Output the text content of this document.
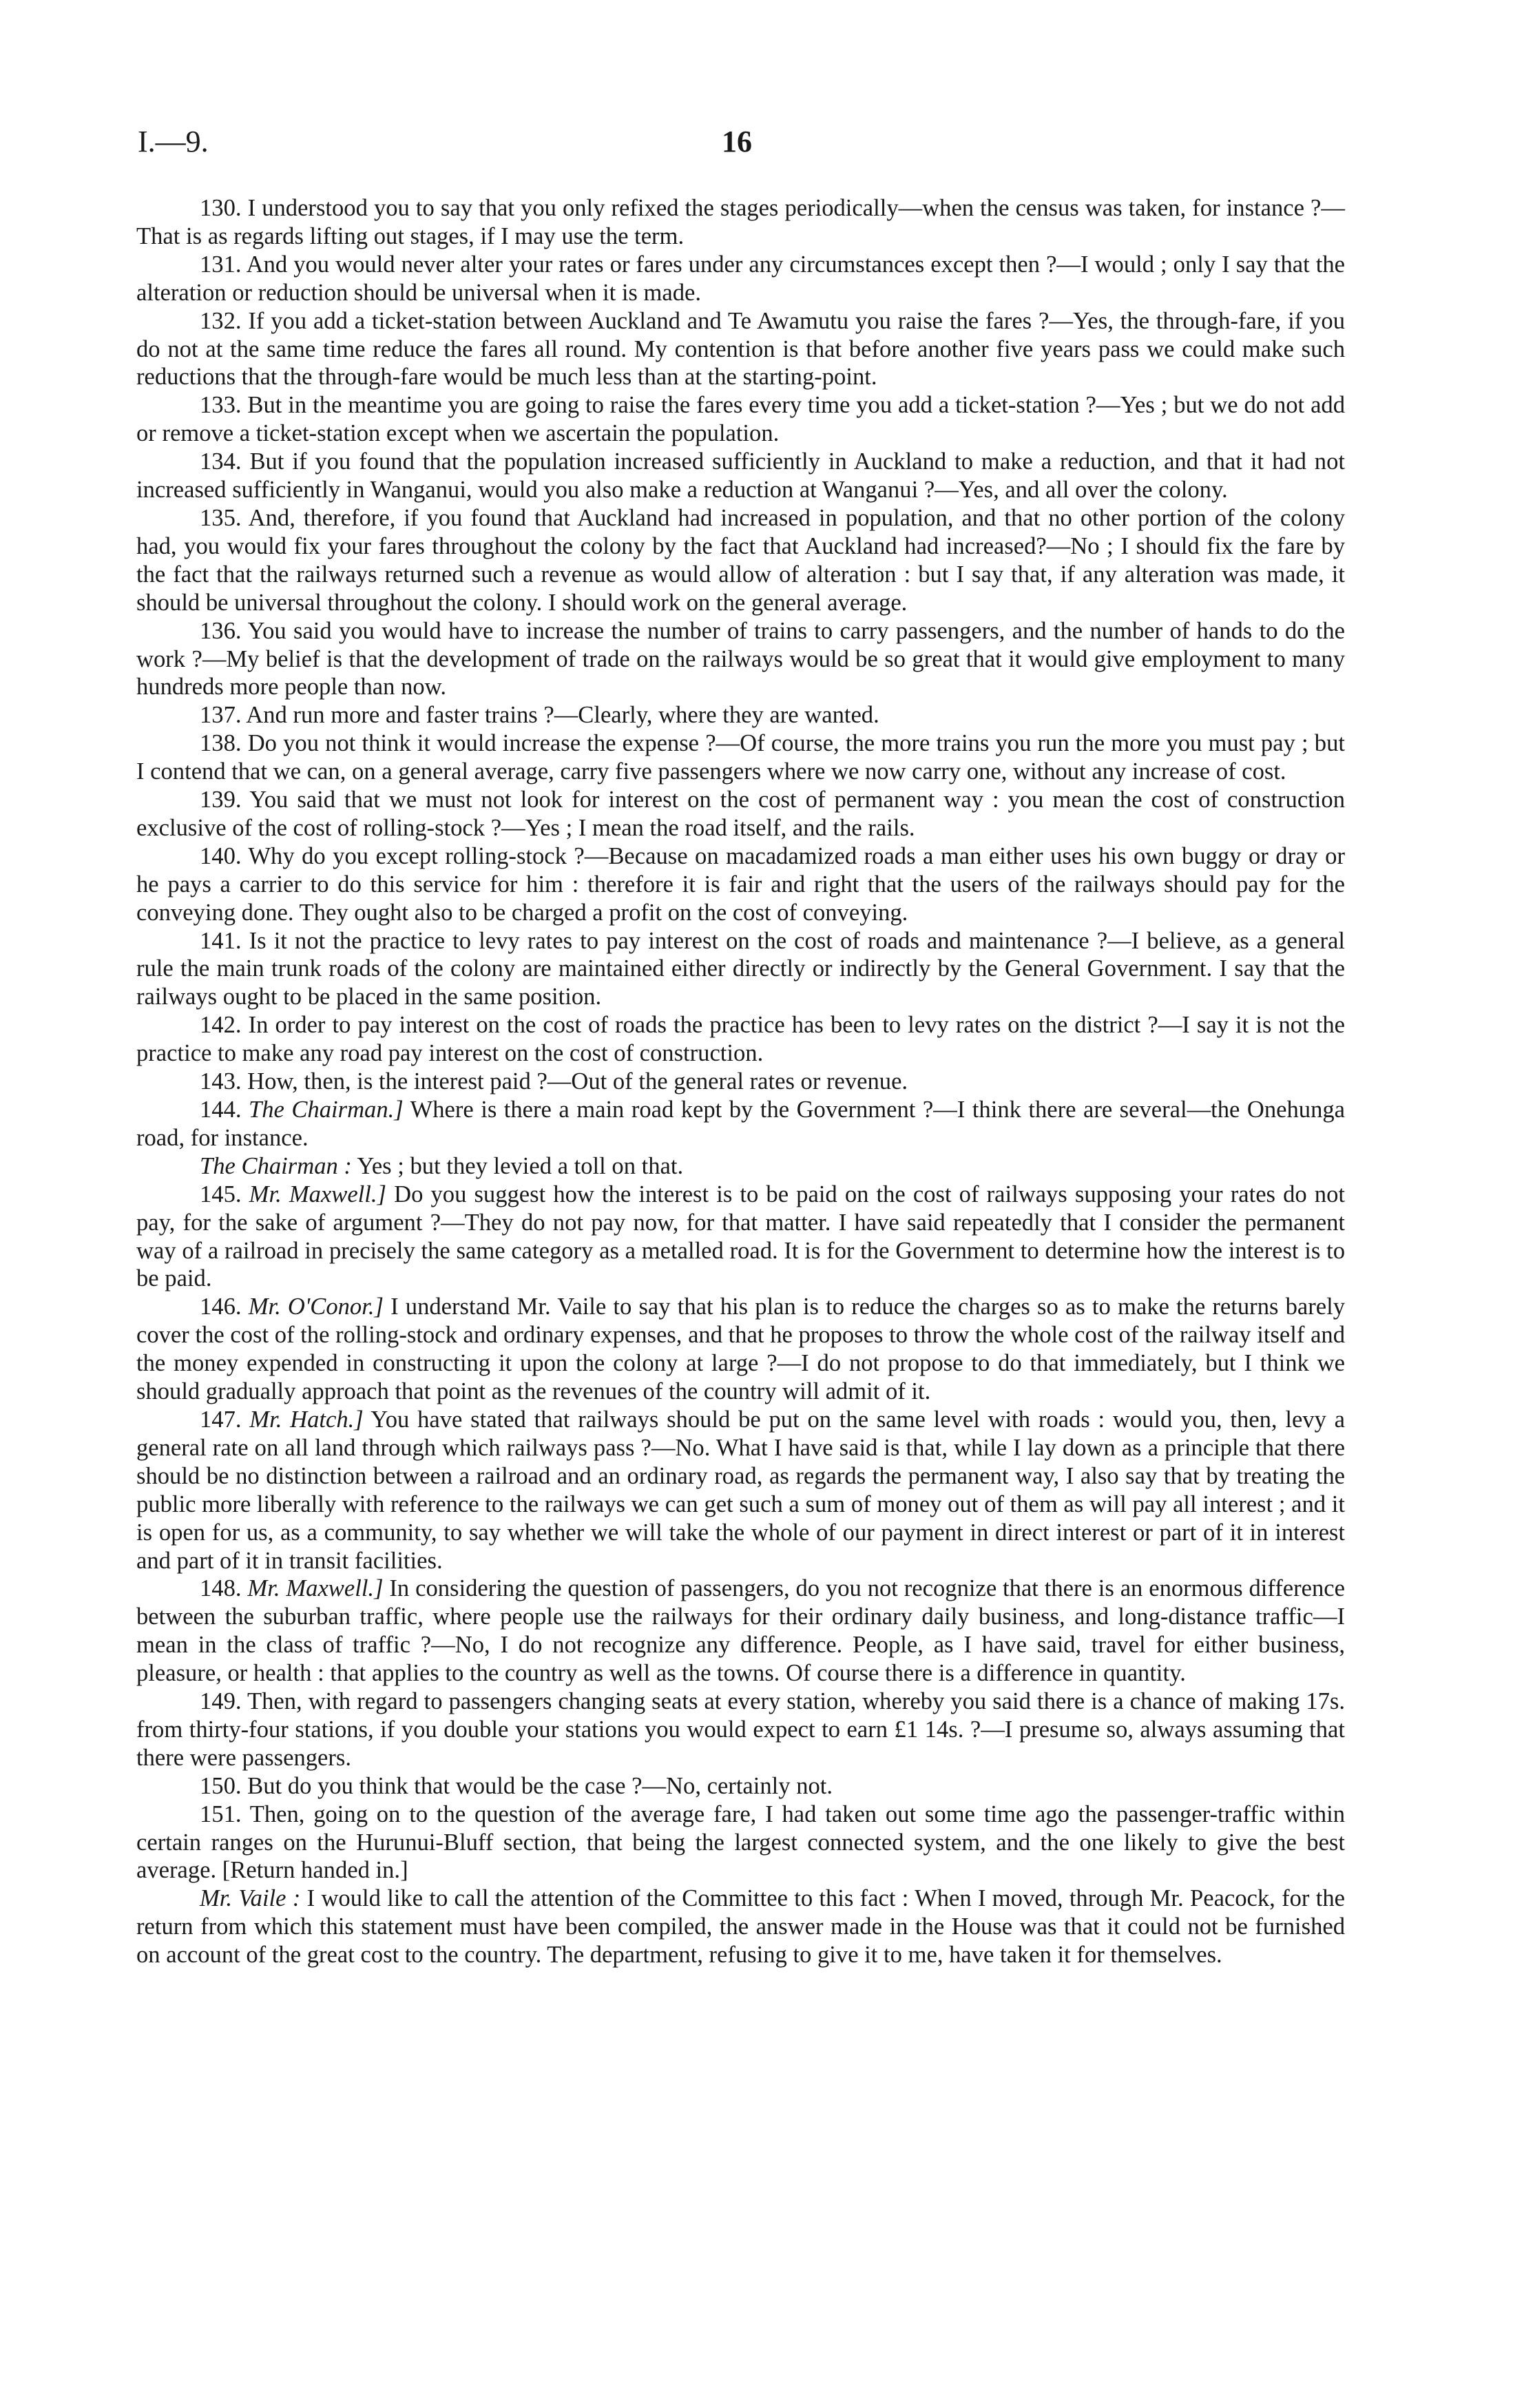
I.—9.	16

130. I understood you to say that you only refixed the stages periodically—when the census was taken, for instance ?—That is as regards lifting out stages, if I may use the term.

131. And you would never alter your rates or fares under any circumstances except then ?—I would ; only I say that the alteration or reduction should be universal when it is made.

132. If you add a ticket-station between Auckland and Te Awamutu you raise the fares ?—Yes, the through-fare, if you do not at the same time reduce the fares all round. My contention is that before another five years pass we could make such reductions that the through-fare would be much less than at the starting-point.

133. But in the meantime you are going to raise the fares every time you add a ticket-station ?—Yes ; but we do not add or remove a ticket-station except when we ascertain the population.

134. But if you found that the population increased sufficiently in Auckland to make a reduction, and that it had not increased sufficiently in Wanganui, would you also make a reduction at Wanganui ?—Yes, and all over the colony.

135. And, therefore, if you found that Auckland had increased in population, and that no other portion of the colony had, you would fix your fares throughout the colony by the fact that Auckland had increased?—No ; I should fix the fare by the fact that the railways returned such a revenue as would allow of alteration : but I say that, if any alteration was made, it should be universal throughout the colony. I should work on the general average.

136. You said you would have to increase the number of trains to carry passengers, and the number of hands to do the work ?—My belief is that the development of trade on the railways would be so great that it would give employment to many hundreds more people than now.

137. And run more and faster trains ?—Clearly, where they are wanted.

138. Do you not think it would increase the expense ?—Of course, the more trains you run the more you must pay ; but I contend that we can, on a general average, carry five passengers where we now carry one, without any increase of cost.

139. You said that we must not look for interest on the cost of permanent way : you mean the cost of construction exclusive of the cost of rolling-stock ?—Yes ; I mean the road itself, and the rails.

140. Why do you except rolling-stock ?—Because on macadamized roads a man either uses his own buggy or dray or he pays a carrier to do this service for him : therefore it is fair and right that the users of the railways should pay for the conveying done. They ought also to be charged a profit on the cost of conveying.

141. Is it not the practice to levy rates to pay interest on the cost of roads and maintenance ?—I believe, as a general rule the main trunk roads of the colony are maintained either directly or indirectly by the General Government. I say that the railways ought to be placed in the same position.

142. In order to pay interest on the cost of roads the practice has been to levy rates on the district ?—I say it is not the practice to make any road pay interest on the cost of construction.

143. How, then, is the interest paid ?—Out of the general rates or revenue.

144. The Chairman.] Where is there a main road kept by the Government ?—I think there are several—the Onehunga road, for instance.

The Chairman : Yes ; but they levied a toll on that.

145. Mr. Maxwell.] Do you suggest how the interest is to be paid on the cost of railways supposing your rates do not pay, for the sake of argument ?—They do not pay now, for that matter. I have said repeatedly that I consider the permanent way of a railroad in precisely the same category as a metalled road. It is for the Government to determine how the interest is to be paid.

146. Mr. O'Conor.] I understand Mr. Vaile to say that his plan is to reduce the charges so as to make the returns barely cover the cost of the rolling-stock and ordinary expenses, and that he proposes to throw the whole cost of the railway itself and the money expended in constructing it upon the colony at large ?—I do not propose to do that immediately, but I think we should gradually approach that point as the revenues of the country will admit of it.

147. Mr. Hatch.] You have stated that railways should be put on the same level with roads : would you, then, levy a general rate on all land through which railways pass ?—No. What I have said is that, while I lay down as a principle that there should be no distinction between a railroad and an ordinary road, as regards the permanent way, I also say that by treating the public more liberally with reference to the railways we can get such a sum of money out of them as will pay all interest ; and it is open for us, as a community, to say whether we will take the whole of our payment in direct interest or part of it in interest and part of it in transit facilities.

148. Mr. Maxwell.] In considering the question of passengers, do you not recognize that there is an enormous difference between the suburban traffic, where people use the railways for their ordinary daily business, and long-distance traffic—I mean in the class of traffic ?—No, I do not recognize any difference. People, as I have said, travel for either business, pleasure, or health : that applies to the country as well as the towns. Of course there is a difference in quantity.

149. Then, with regard to passengers changing seats at every station, whereby you said there is a chance of making 17s. from thirty-four stations, if you double your stations you would expect to earn £1 14s. ?—I presume so, always assuming that there were passengers.

150. But do you think that would be the case ?—No, certainly not.

151. Then, going on to the question of the average fare, I had taken out some time ago the passenger-traffic within certain ranges on the Hurunui-Bluff section, that being the largest connected system, and the one likely to give the best average. [Return handed in.]

Mr. Vaile : I would like to call the attention of the Committee to this fact : When I moved, through Mr. Peacock, for the return from which this statement must have been compiled, the answer made in the House was that it could not be furnished on account of the great cost to the country. The department, refusing to give it to me, have taken it for themselves.
